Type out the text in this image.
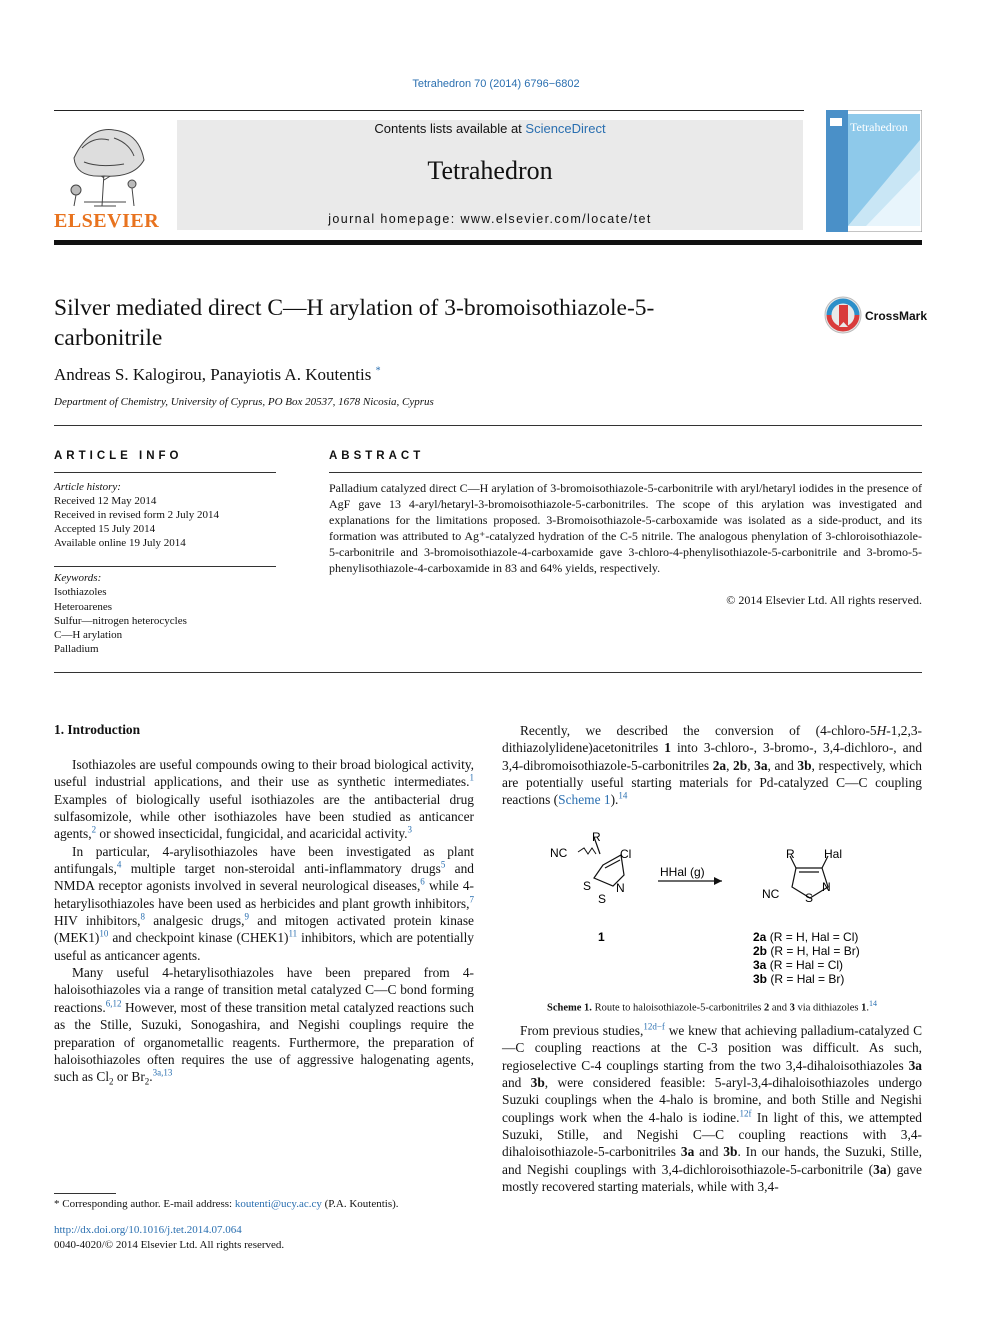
Tetrahedron 70 (2014) 6796−6802
ELSEVIER
Contents lists available at ScienceDirect
Tetrahedron
journal homepage: www.elsevier.com/locate/tet
Tetrahedron
Silver mediated direct C—H arylation of 3-bromoisothiazole-5-
carbonitrile
CrossMark
Andreas S. Kalogirou, Panayiotis A. Koutentis *
Department of Chemistry, University of Cyprus, PO Box 20537, 1678 Nicosia, Cyprus
ARTICLE INFO	ABSTRACT
Article history:
Received 12 May 2014
Received in revised form 2 July 2014
Accepted 15 July 2014
Available online 19 July 2014
Keywords:
Isothiazoles
Heteroarenes
Sulfur—nitrogen heterocycles
C—H arylation
Palladium
Palladium catalyzed direct C—H arylation of 3-bromoisothiazole-5-carbonitrile with aryl/hetaryl iodides in the presence of AgF gave 13 4-aryl/hetaryl-3-bromoisothiazole-5-carbonitriles. The scope of this arylation was investigated and explanations for the limitations proposed. 3-Bromoisothiazole-5-carboxamide was isolated as a side-product, and its formation was attributed to Ag⁺-catalyzed hydration of the C-5 nitrile. The analogous phenylation of 3-chloroisothiazole-5-carbonitrile and 3-bromoisothiazole-4-carboxamide gave 3-chloro-4-phenylisothiazole-5-carbonitrile and 3-bromo-5-phenylisothiazole-4-carboxamide in 83 and 64% yields, respectively.
© 2014 Elsevier Ltd. All rights reserved.
1. Introduction

Isothiazoles are useful compounds owing to their broad biological activity, useful industrial applications, and their use as synthetic intermediates.$^1$ Examples of biologically useful isothiazoles are the antibacterial drug sulfasomizole, while other isothiazoles have been studied as anticancer agents,$^2$ or showed insecticidal, fungicidal, and acaricidal activity.$^3$

In particular, 4-arylisothiazoles have been investigated as plant antifungals,$^4$ multiple target non-steroidal anti-inflammatory drugs$^5$ and NMDA receptor agonists involved in several neurological diseases,$^6$ while 4-hetarylisothiazoles have been used as herbicides and plant growth inhibitors,$^7$ HIV inhibitors,$^8$ analgesic drugs,$^9$ and mitogen activated protein kinase $(MEK1)^{10}$ and checkpoint kinase (CHEK1)$^{11}$ inhibitors, which are potentially useful as anticancer agents.

Many useful 4-hetarylisothiazoles have been prepared from 4-haloisothiazoles via a range of transition metal catalyzed C—C bond forming reactions.$^{6,12}$ However, most of these transition metal catalyzed reactions such as the Stille, Suzuki, Sonogashira, and Negishi couplings require the preparation of organometallic reagents. Furthermore, the preparation of haloisothiazoles often requires the use of aggressive halogenating agents, such as $Cl_2$ or $Br_2.^{3a,13}$

Recently, we described the conversion of (4-chloro-5H-1,2,3-dithiazolylidene)acetonitriles 1 into 3-chloro-, 3-bromo-, 3,4-dichloro-, and 3,4-dibromoisothiazole-5-carbonitriles 2a, 2b, 3a, and 3b, respectively, which are potentially useful starting materials for Pd-catalyzed C—C coupling reactions (Scheme 1).$^{14}$

R
NC	Cl
S
S
N
1
HHal (g)
R Hal
NC S
N
2a (R = H, Hal = Cl)
2b (R = H, Hal = Br)
3a (R = Hal = Cl)
3b (R = Hal = Br)
Scheme 1. Route to haloisothiazole-5-carbonitriles 2 and 3 via dithiazoles 1.14

From previous studies,$^{12d-f}$ we knew that achieving palladium-catalyzed C—C coupling reactions at the C-3 position was difficult. As such, regioselective C-4 couplings starting from the two 3,4-dihaloisothiazoles 3a and 3b, were considered feasible: 5-aryl-3,4-dihaloisothiazoles undergo Suzuki couplings when the 4-halo is bromine, and both Stille and Negishi couplings work when the 4-halo is iodine.$^{12f}$ In light of this, we attempted Suzuki, Stille, and Negishi C—C coupling reactions with 3,4-dihaloisothiazole-5-carbonitriles 3a and 3b. In our hands, the Suzuki, Stille, and Negishi couplings with 3,4-dichloroisothiazole-5-carbonitrile (3a) gave mostly recovered starting materials, while with 3,4-

* Corresponding author. E-mail address: koutenti@ucy.ac.cy (P.A. Koutentis).
http://dx.doi.org/10.1016/j.tet.2014.07.064
0040-4020/© 2014 Elsevier Ltd. All rights reserved.
